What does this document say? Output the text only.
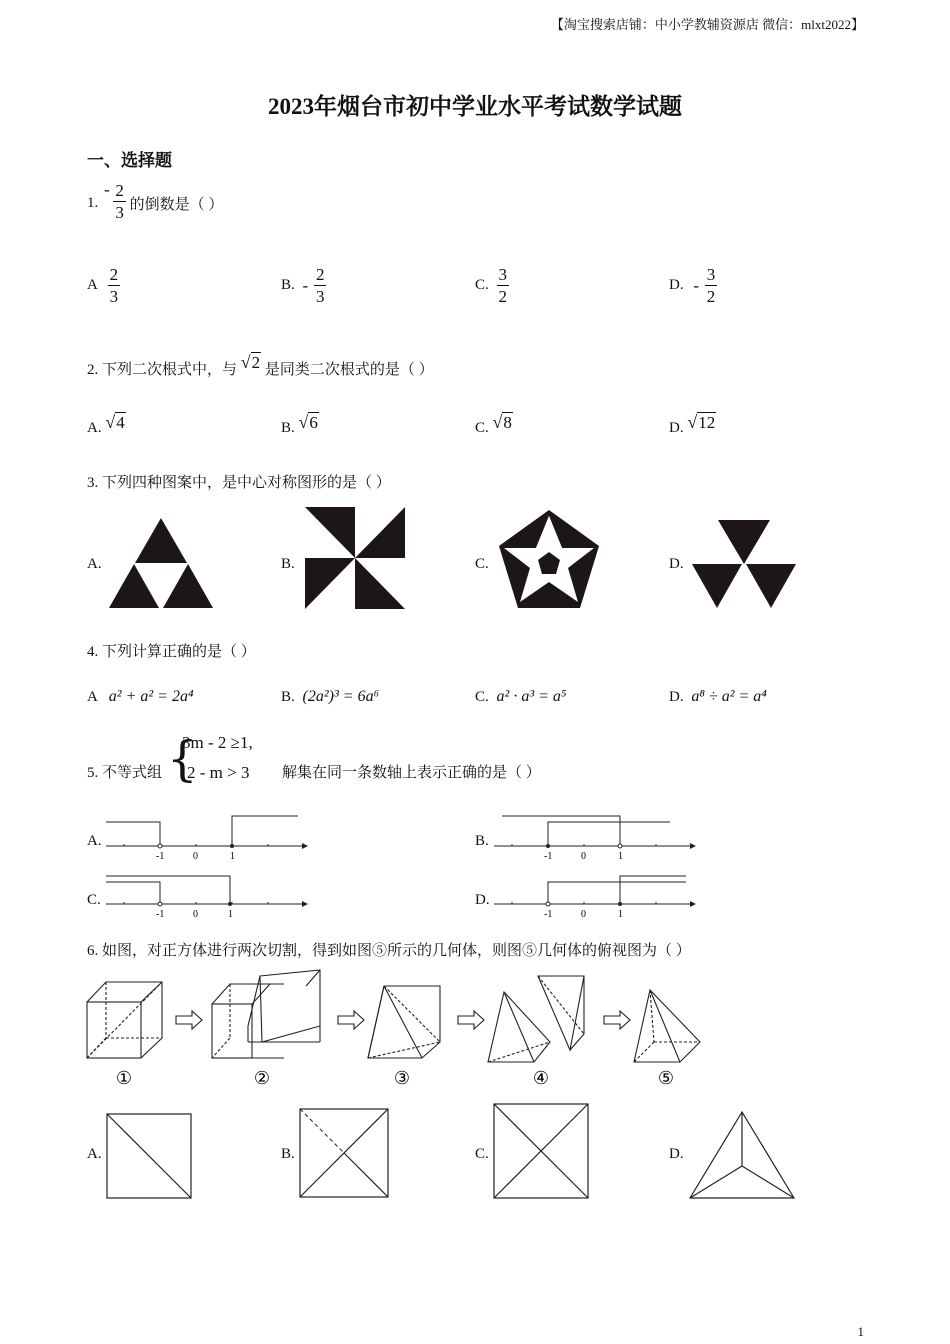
【淘宝搜索店铺：中小学教辅资源店 微信：mlxt2022】
2023年烟台市初中学业水平考试数学试题
一、选择题
1. - $\frac{2}{3}$ 的倒数是（ ）
A $\frac{2}{3}$	B. - $\frac{2}{3}$	C. $\frac{3}{2}$	D. - $\frac{3}{2}$
2. 下列二次根式中，与 √2 是同类二次根式的是（ ）
A. √4	B. √6	C. √8	D. √12
3. 下列四种图案中，是中心对称图形的是（ ）
A.	B.	C.	D.
4. 下列计算正确的是（ ）
A a² + a² = 2a⁴	B. (2a²)³ = 6a⁶	C. a² · a³ = a⁵	D. a⁸ ÷ a² = a⁴
5. 不等式组 {
3m - 2 ≥1,
2 - m > 3 解集在同一条数轴上表示正确的是（ ）
A.
-1	0	1
B.
-1	0	1
C.
-1	0	1
D.
-1	0	1
6. 如图，对正方体进行两次切割，得到如图⑤所示的几何体，则图⑤几何体的俯视图为（ ）
①	②	③	④	⑤
A.	B.	C.	D.
1
